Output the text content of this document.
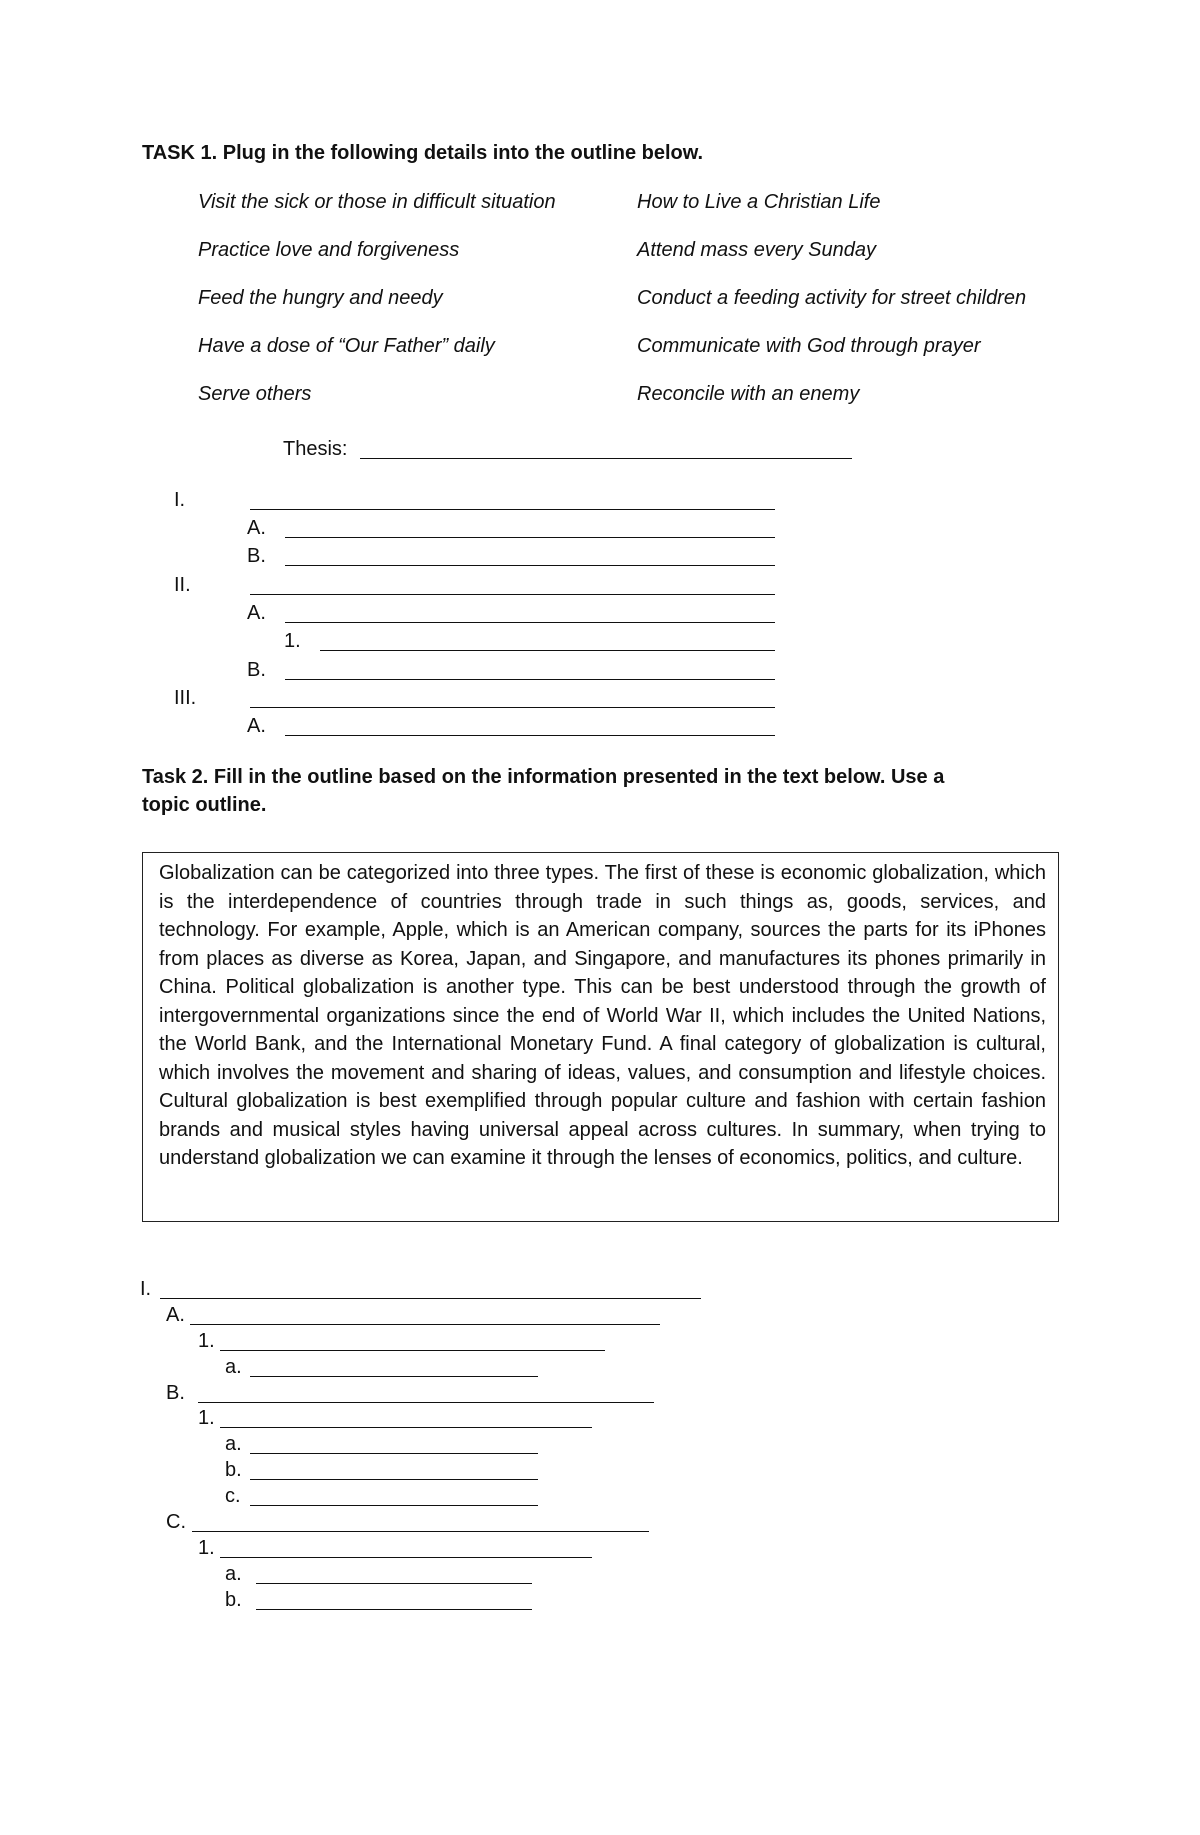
TASK 1. Plug in the following details into the outline below.
Visit the sick or those in difficult situation
Practice love and forgiveness
Feed the hungry and needy
Have a dose of “Our Father” daily
Serve others
How to Live a Christian Life
Attend mass every Sunday
Conduct a feeding activity for street children
Communicate with God through prayer
Reconcile with an enemy
Thesis:
I.
A.
B.
II.
A.
1.
B.
III.
A.
Task 2. Fill in the outline based on the information presented in the text below. Use a
topic outline.

Globalization can be categorized into three types. The first of these is economic globalization, which is the interdependence of countries through trade in such things as, goods, services, and technology. For example, Apple, which is an American company, sources the parts for its iPhones from places as diverse as Korea, Japan, and Singapore, and manufactures its phones primarily in China. Political globalization is another type. This can be best understood through the growth of intergovernmental organizations since the end of World War II, which includes the United Nations, the World Bank, and the International Monetary Fund. A final category of globalization is cultural, which involves the movement and sharing of ideas, values, and consumption and lifestyle choices. Cultural globalization is best exemplified through popular culture and fashion with certain fashion brands and musical styles having universal appeal across cultures. In summary, when trying to understand globalization we can examine it through the lenses of economics, politics, and culture.

I.
A.
1.
a.
B.
1.
a.
b.
c.
C.
1.
a.
b.
